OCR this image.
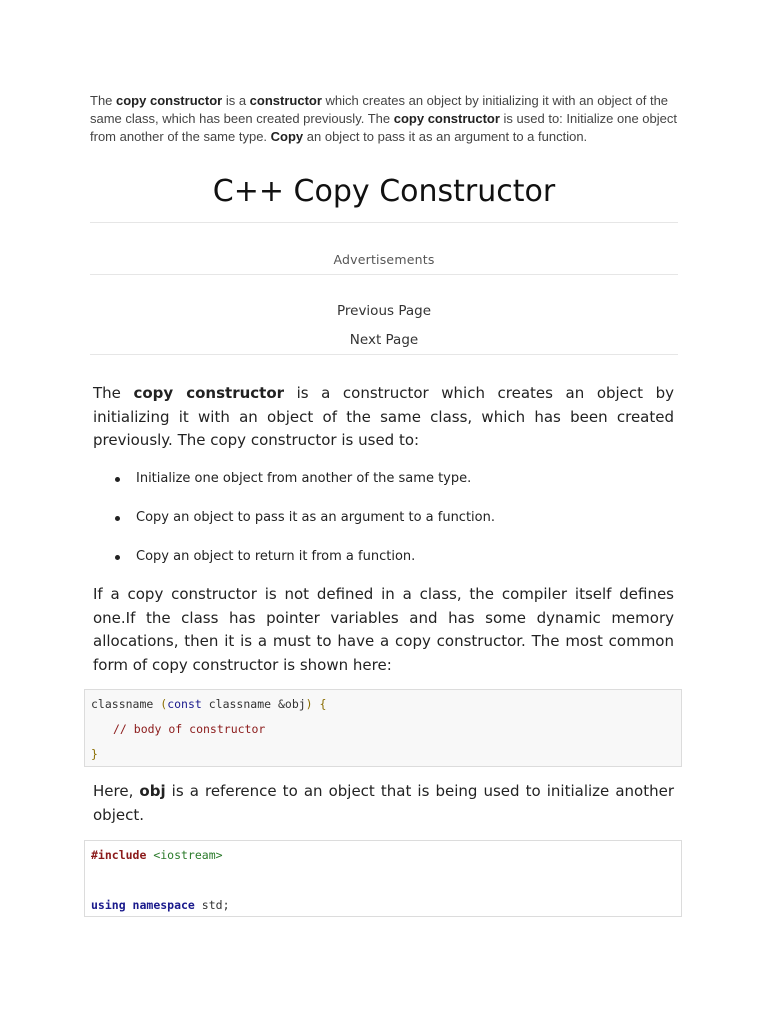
The copy constructor is a constructor which creates an object by initializing it with an object of the same class, which has been created previously. The copy constructor is used to: Initialize one object from another of the same type. Copy an object to pass it as an argument to a function.
C++ Copy Constructor
Advertisements
Previous Page
Next Page

The copy constructor is a constructor which creates an object by initializing it with an object of the same class, which has been created previously. The copy constructor is used to:

Initialize one object from another of the same type.
Copy an object to pass it as an argument to a function.
Copy an object to return it from a function.

If a copy constructor is not defined in a class, the compiler itself defines one.If the class has pointer variables and has some dynamic memory allocations, then it is a must to have a copy constructor. The most common form of copy constructor is shown here:

classname (const classname &obj) {
// body of constructor
}

Here, obj is a reference to an object that is being used to initialize another object.

#include <iostream>
using namespace std;
